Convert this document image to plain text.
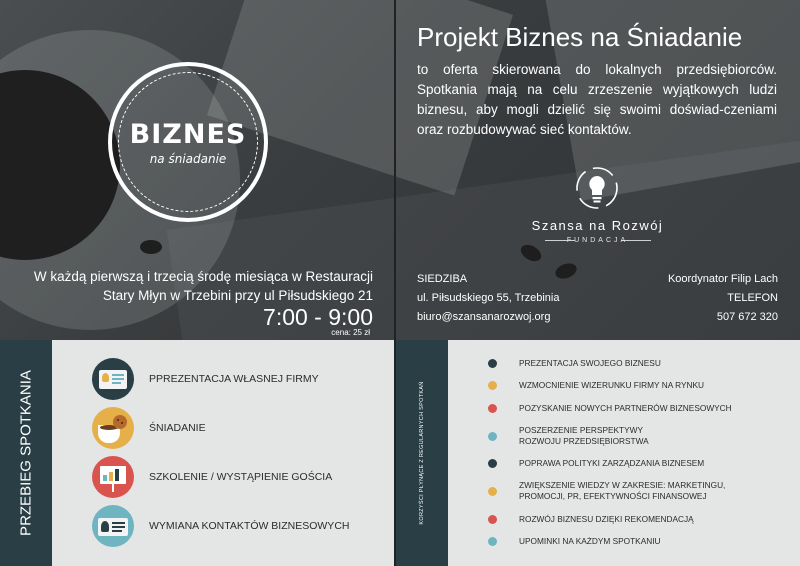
BIZNES
na śniadanie
W każdą pierwszą i trzecią środę miesiąca w Restauracji
Stary Młyn w Trzebini przy ul Piłsudskiego 21
7:00 - 9:00
cena: 25 zł
Projekt Biznes na Śniadanie
to oferta skierowana do lokalnych przedsiębiorców. Spotkania mają na celu zrzeszenie wyjątkowych ludzi biznesu, aby mogli dzielić się swoimi doświad-czeniami oraz rozbudowywać sieć kontaktów.
Szansa na Rozwój
FUNDACJA
SIEDZIBA
ul. Piłsudskiego 55, Trzebinia
biuro@szansanarozwoj.org
Koordynator Filip Lach
TELEFON
507 672 320
PRZEBIEG SPOTKANIA	PPREZENTACJA WŁASNEJ FIRMY
ŚNIADANIE
SZKOLENIE / WYSTĄPIENIE GOŚCIA
WYMIANA KONTAKTÓW BIZNESOWYCH
KORZYŚCI PŁYNĄCE Z REGULARNYCH SPOTKAŃ
PREZENTACJA SWOJEGO BIZNESU
WZMOCNIENIE WIZERUNKU FIRMY NA RYNKU
POZYSKANIE NOWYCH PARTNERÓW BIZNESOWYCH
POSZERZENIE PERSPEKTYWY ROZWOJU PRZEDSIĘBIORSTWA
POPRAWA POLITYKI ZARZĄDZANIA BIZNESEM
ZWIĘKSZENIE WIEDZY W ZAKRESIE: MARKETINGU, PROMOCJI, PR, EFEKTYWNOŚCI FINANSOWEJ
ROZWÓJ BIZNESU DZIĘKI REKOMENDACJĄ
UPOMINKI NA KAŻDYM SPOTKANIU
